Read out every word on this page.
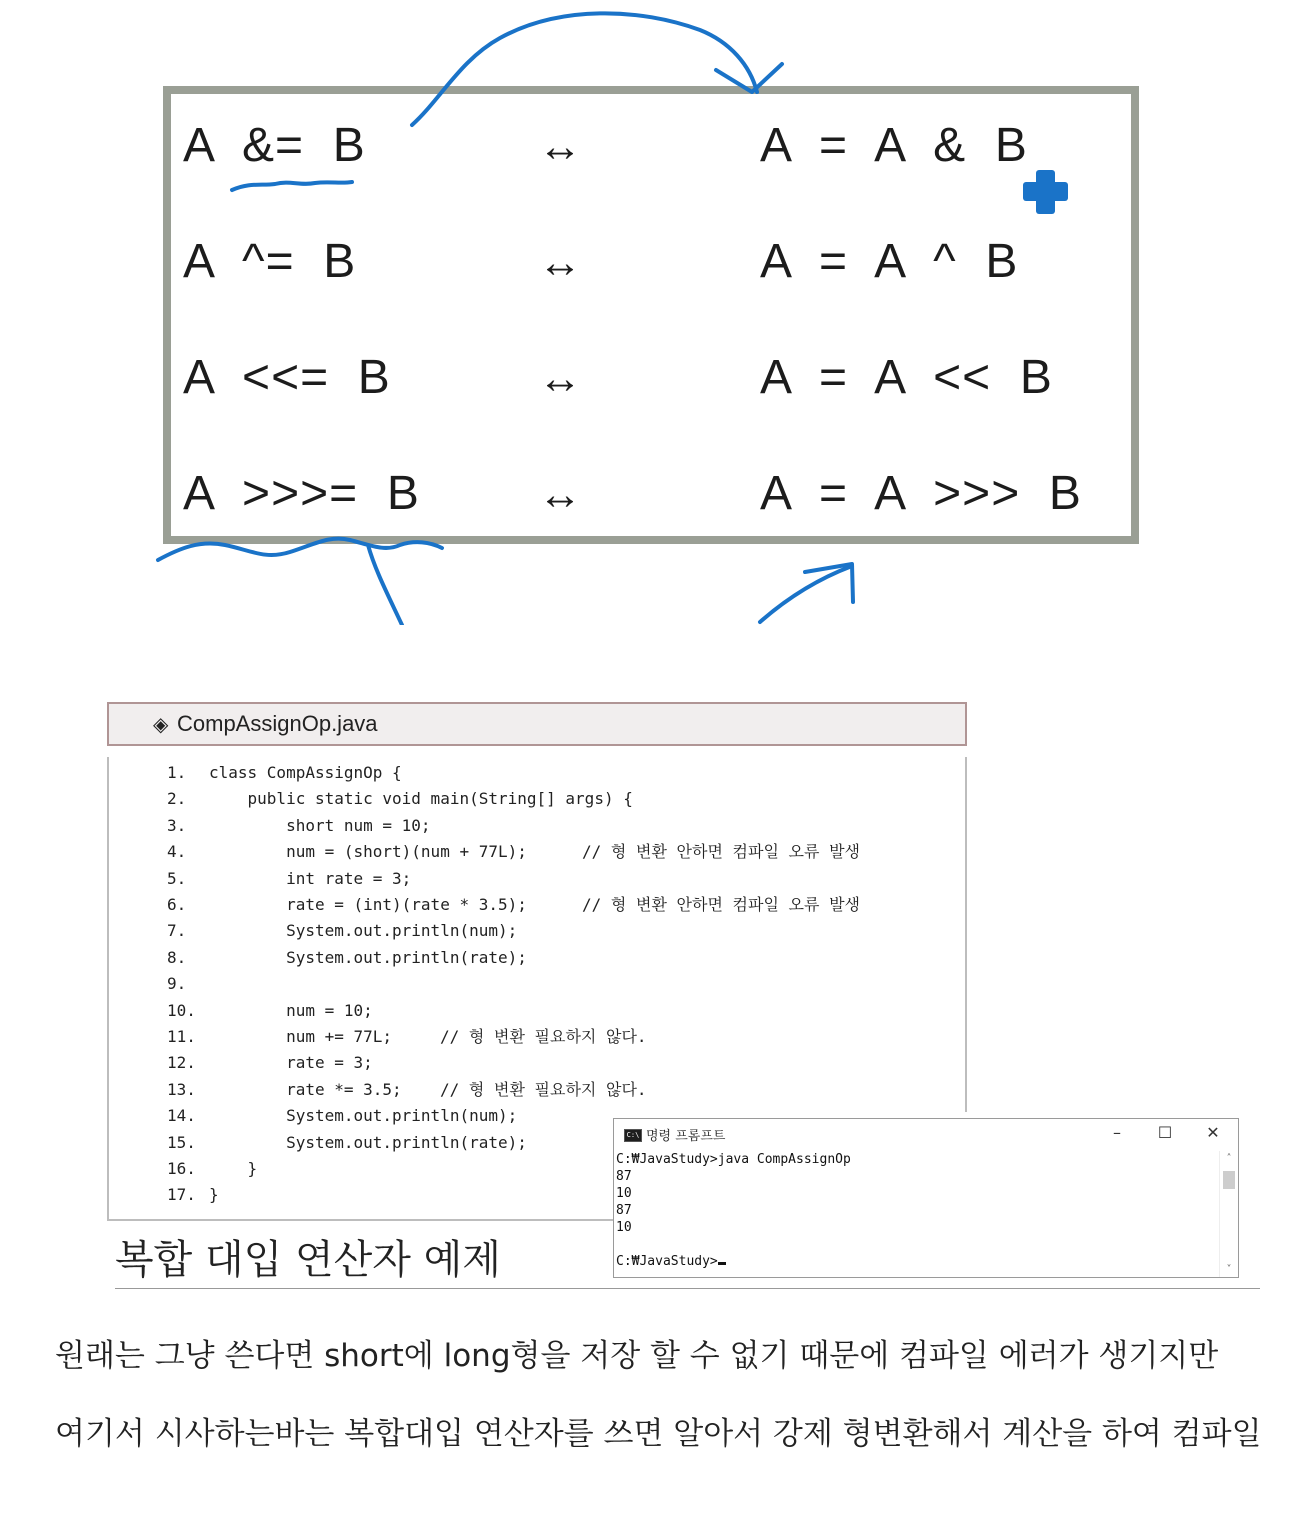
A  &=  B	↔	A  =  A  &  B
A  ^=  B	↔	A  =  A  ^  B
A  <<=  B	↔	A  =  A  <<  B
A  >>>=  B	↔	A  =  A  >>>  B
◈ CompAssignOp.java
1.	class CompAssignOp {
2.	public static void main(String[] args) {
3.	short num = 10;
4.	num = (short)(num + 77L);	// 형 변환 안하면 컴파일 오류 발생
5.	int rate = 3;
6.	rate = (int)(rate * 3.5);	// 형 변환 안하면 컴파일 오류 발생
7.	System.out.println(num);
8.	System.out.println(rate);
9.
10. num = 10;
11. num += 77L;	// 형 변환 필요하지 않다.
12. rate = 3;
13. rate *= 3.5; // 형 변환 필요하지 않다.
14. System.out.println(num);
15. System.out.println(rate);
16. }
17. }
복합 대입 연산자 예제
C:\ 명령 프롬프트	–	☐	✕
C:₩JavaStudy>java CompAssignOp
87
10
87
10
C:₩JavaStudy>
˄
˅
원래는 그냥 쓴다면 short에 long형을 저장 할 수 없기 때문에 컴파일 에러가 생기지만
여기서 시사하는바는 복합대입 연산자를 쓰면 알아서 강제 형변환해서 계산을 하여 컴파일
